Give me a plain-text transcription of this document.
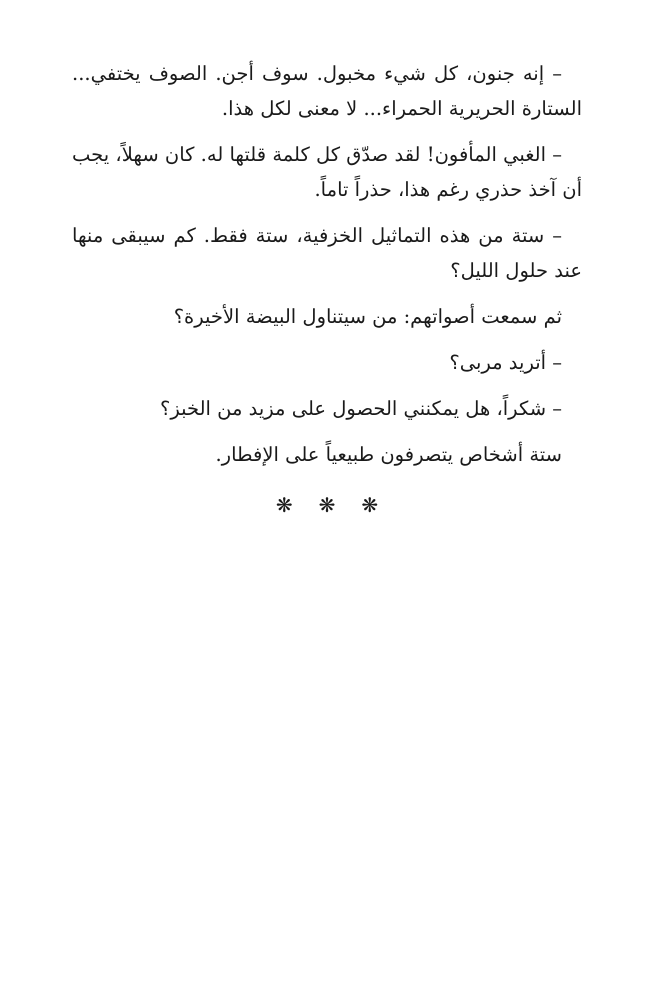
– إنه جنون، كل شيء مخبول. سوف أجن. الصوف يختفي... الستارة الحريرية الحمراء... لا معنى لكل هذا.

– الغبي المأفون! لقد صدّق كل كلمة قلتها له. كان سهلاً، يجب أن آخذ حذري رغم هذا، حذراً تاماً.

– ستة من هذه التماثيل الخزفية، ستة فقط. كم سيبقى منها عند حلول الليل؟

ثم سمعت أصواتهم: من سيتناول البيضة الأخيرة؟

– أتريد مربى؟

– شكراً، هل يمكنني الحصول على مزيد من الخبز؟

ستة أشخاص يتصرفون طبيعياً على الإفطار.

❋❋❋
